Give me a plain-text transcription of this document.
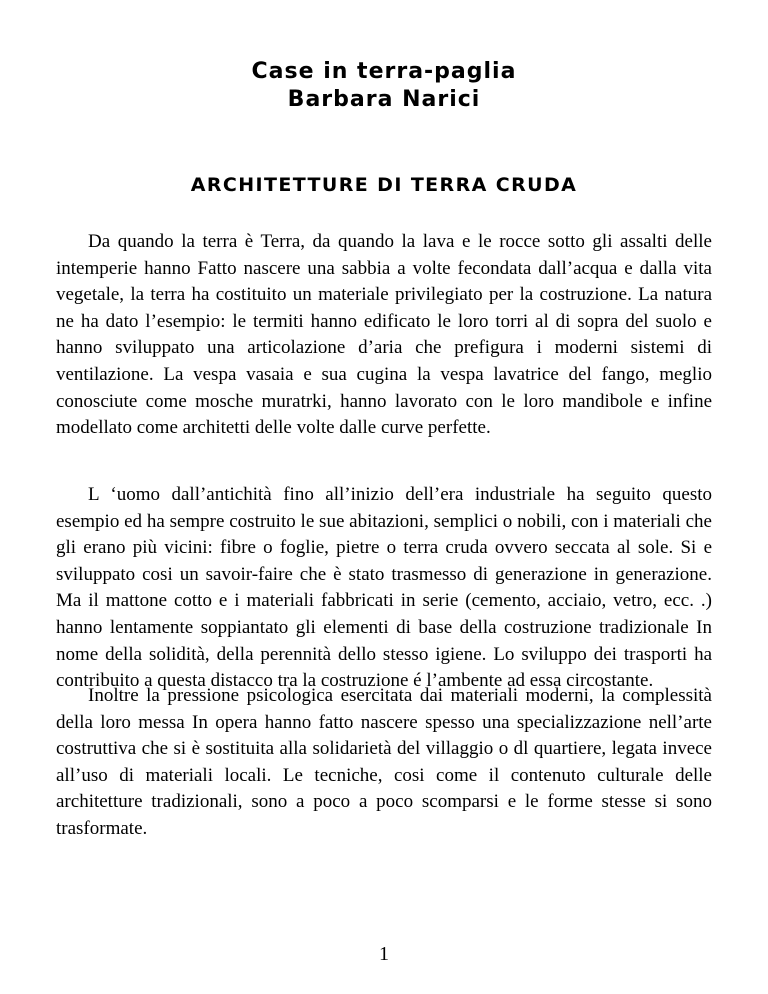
Case in terra-paglia
Barbara Narici
ARCHITETTURE DI TERRA CRUDA

Da quando la terra è Terra, da quando la lava e le rocce sotto gli assalti delle intemperie hanno Fatto nascere una sabbia a volte fecondata dall’acqua e dalla vita vegetale, la terra ha costituito un materiale privilegiato per la costruzione. La natura ne ha dato l’esempio: le termiti hanno edificato le loro torri al di sopra del suolo e hanno sviluppato una articolazione d’aria che prefigura i moderni sistemi di ventilazione. La vespa vasaia e sua cugina la vespa lavatrice del fango, meglio conosciute come mosche muratrki, hanno lavorato con le loro mandibole e infine modellato come architetti delle volte dalle curve perfette.

L ‘uomo dall’antichità fino all’inizio dell’era industriale ha seguito questo esempio ed ha sempre costruito le sue abitazioni, semplici o nobili, con i materiali che gli erano più vicini: fibre o foglie, pietre o terra cruda ovvero seccata al sole. Si e sviluppato cosi un savoir-faire che è stato trasmesso di generazione in generazione. Ma il mattone cotto e i materiali fabbricati in serie (cemento, acciaio, vetro, ecc. .) hanno lentamente soppiantato gli elementi di base della costruzione tradizionale In nome della solidità, della perennità dello stesso igiene. Lo sviluppo dei trasporti ha contribuito a questa distacco tra la costruzione é l’ambente ad essa circostante.

Inoltre la pressione psicologica esercitata dai materiali moderni, la complessità della loro messa In opera hanno fatto nascere spesso una specializzazione nell’arte costruttiva che si è sostituita alla solidarietà del villaggio o dl quartiere, legata invece all’uso di materiali locali. Le tecniche, cosi come il contenuto culturale delle architetture tradizionali, sono a poco a poco scomparsi e le forme stesse si sono trasformate.

1
